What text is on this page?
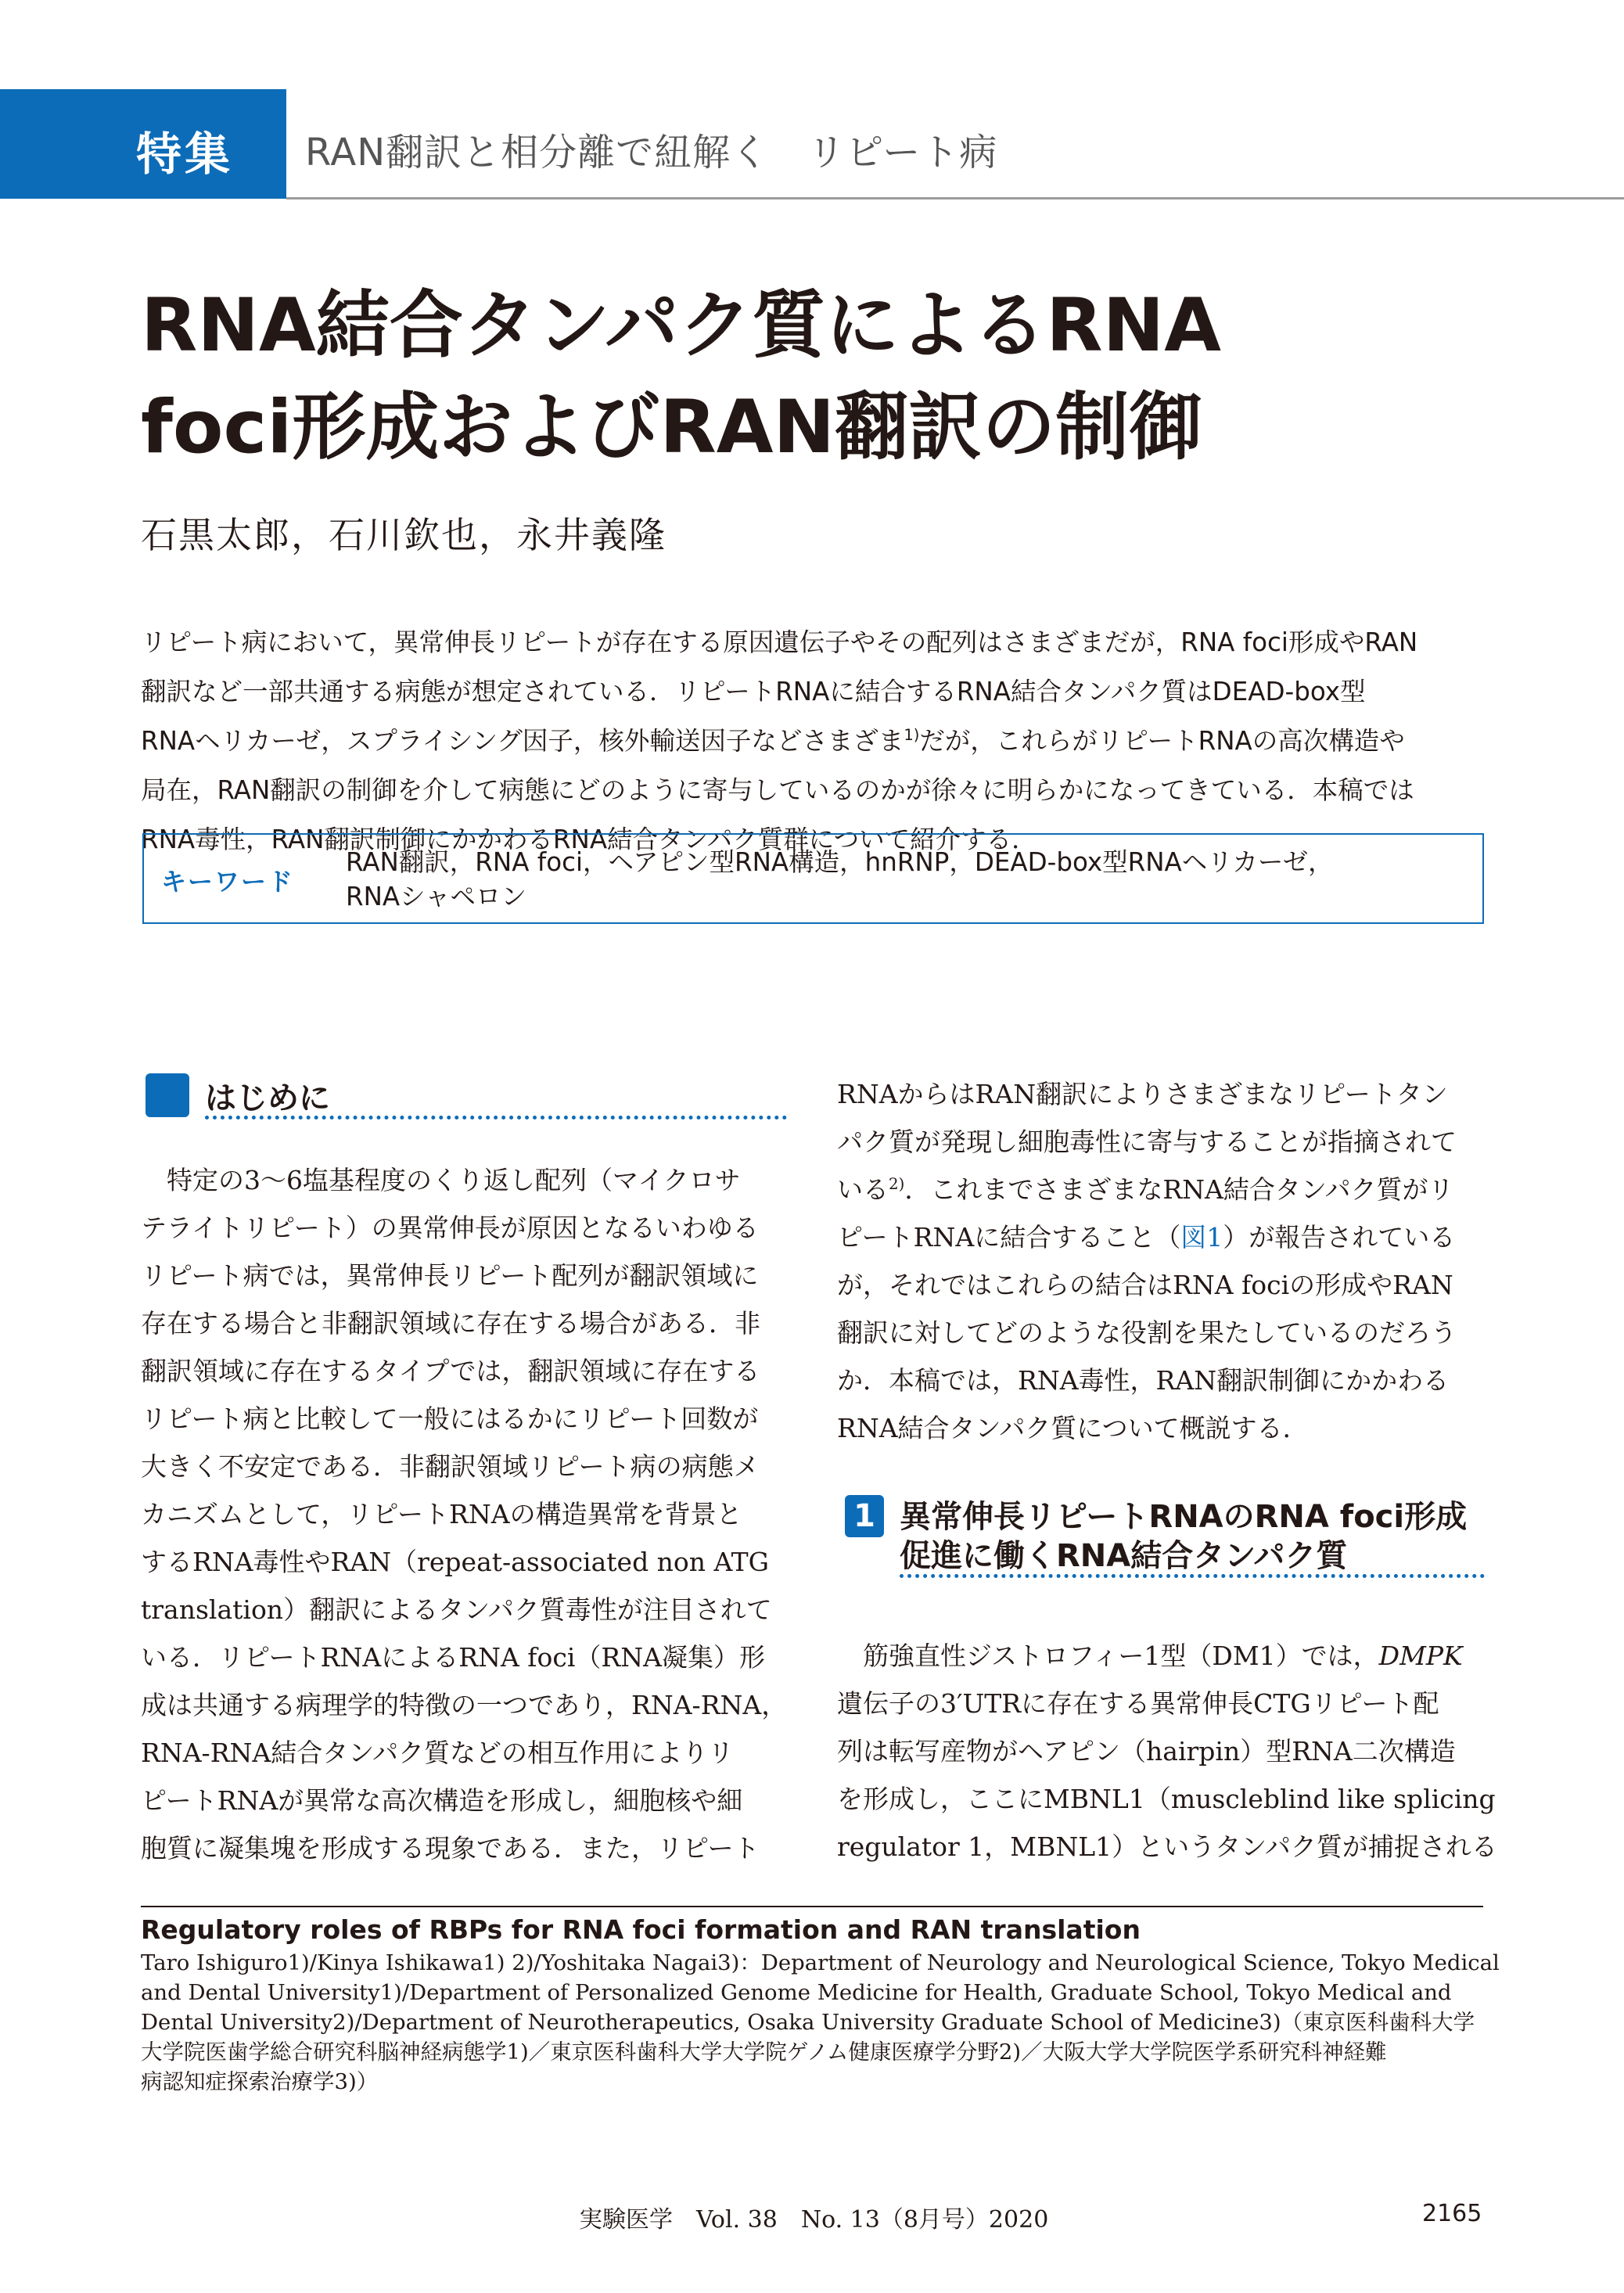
特集 RAN翻訳と相分離で紐解く　リピート病
RNA結合タンパク質によるRNA
foci形成およびRAN翻訳の制御
石黒太郎，石川欽也，永井義隆
リピート病において，異常伸長リピートが存在する原因遺伝子やその配列はさまざまだが，RNA foci形成やRAN
翻訳など一部共通する病態が想定されている．リピートRNAに結合するRNA結合タンパク質はDEAD-box型
RNAヘリカーゼ，スプライシング因子，核外輸送因子などさまざま$^{1)}$だが，これらがリピートRNAの高次構造や
局在，RAN翻訳の制御を介して病態にどのように寄与しているのかが徐々に明らかになってきている．本稿では
RNA毒性，RAN翻訳制御にかかわるRNA結合タンパク質群について紹介する．
キーワード
RAN翻訳，RNA foci，ヘアピン型RNA構造，hnRNP，DEAD-box型RNAヘリカーゼ，
RNAシャペロン
はじめに
　特定の3〜6塩基程度のくり返し配列（マイクロサ
テライトリピート）の異常伸長が原因となるいわゆる
リピート病では，異常伸長リピート配列が翻訳領域に
存在する場合と非翻訳領域に存在する場合がある．非
翻訳領域に存在するタイプでは，翻訳領域に存在する
リピート病と比較して一般にはるかにリピート回数が
大きく不安定である．非翻訳領域リピート病の病態メ
カニズムとして，リピートRNAの構造異常を背景と
するRNA毒性やRAN（repeat-associated non ATG
translation）翻訳によるタンパク質毒性が注目されて
いる．リピートRNAによるRNA foci（RNA凝集）形
成は共通する病理学的特徴の一つであり，RNA-RNA，
RNA-RNA結合タンパク質などの相互作用によりリ
ピートRNAが異常な高次構造を形成し，細胞核や細
胞質に凝集塊を形成する現象である．また，リピート
RNAからはRAN翻訳によりさまざまなリピートタン
パク質が発現し細胞毒性に寄与することが指摘されて
いる$^{2)}$．これまでさまざまなRNA結合タンパク質がリ
ピートRNAに結合すること（図1）が報告されている
が，それではこれらの結合はRNA fociの形成やRAN
翻訳に対してどのような役割を果たしているのだろう
か．本稿では，RNA毒性，RAN翻訳制御にかかわる
RNA結合タンパク質について概説する．
1 異常伸長リピートRNAのRNA foci形成
促進に働くRNA結合タンパク質
　筋強直性ジストロフィー1型（DM1）では，DMPK
遺伝子の3′UTRに存在する異常伸長CTGリピート配
列は転写産物がヘアピン（hairpin）型RNA二次構造
を形成し，ここにMBNL1（muscleblind like splicing
regulator 1，MBNL1）というタンパク質が捕捉される
Regulatory roles of RBPs for RNA foci formation and RAN translation
Taro Ishiguro1)/Kinya Ishikawa1) 2)/Yoshitaka Nagai3)：Department of Neurology and Neurological Science, Tokyo Medical
and Dental University1)/Department of Personalized Genome Medicine for Health, Graduate School, Tokyo Medical and
Dental University2)/Department of Neurotherapeutics, Osaka University Graduate School of Medicine3)（東京医科歯科大学
大学院医歯学総合研究科脳神経病態学1)／東京医科歯科大学大学院ゲノム健康医療学分野2)／大阪大学大学院医学系研究科神経難
病認知症探索治療学3)）
実験医学　Vol. 38　No. 13（8月号）2020	2165
